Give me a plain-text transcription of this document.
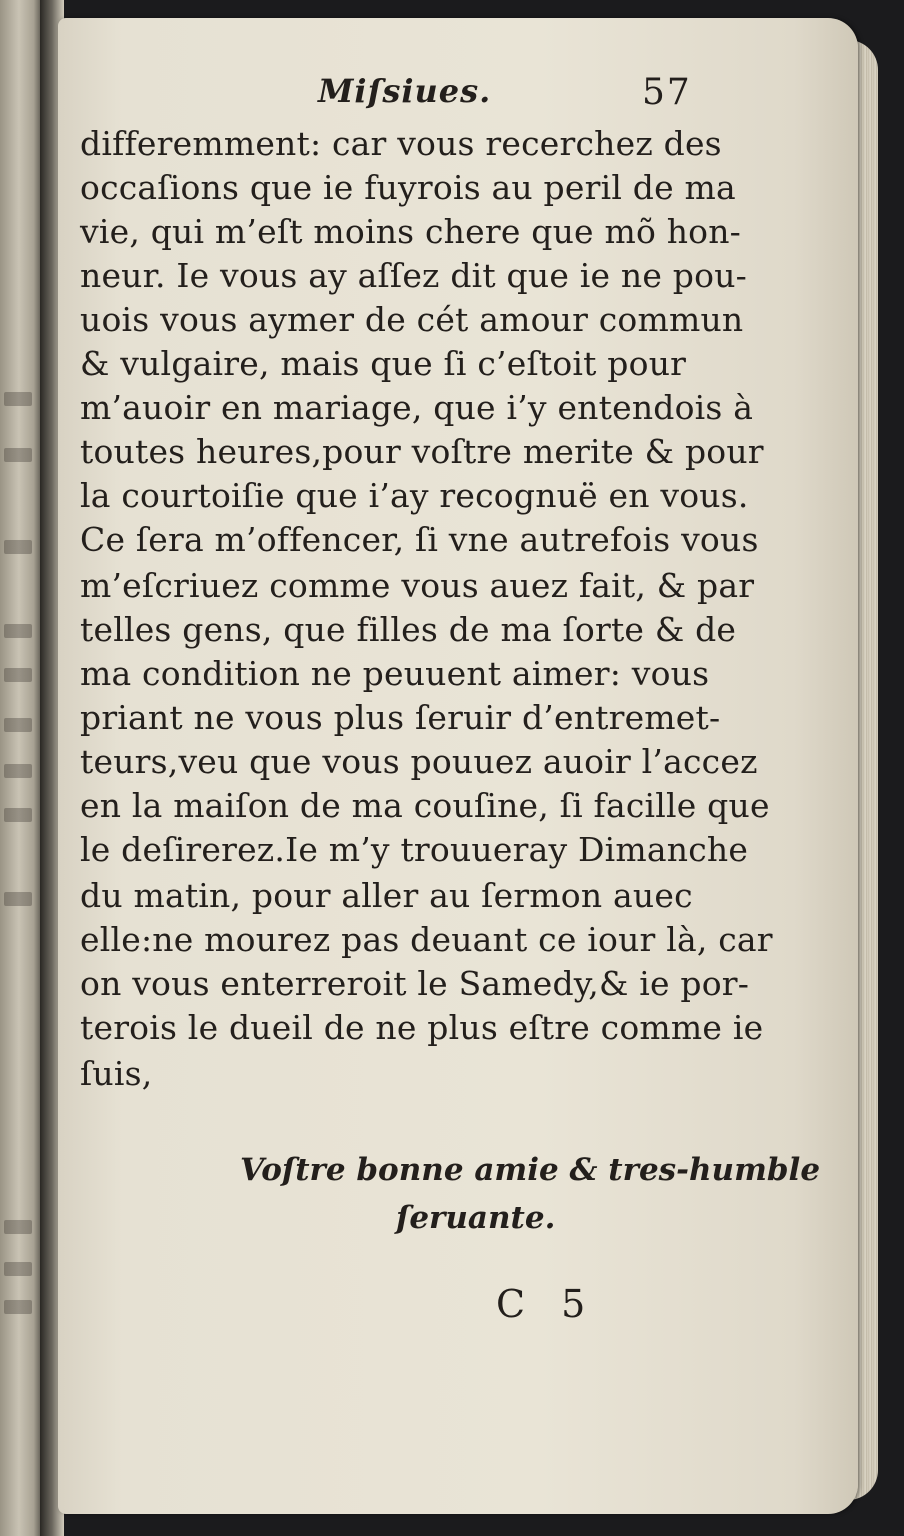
Miſsiues.	57
differemment: car vous recerchez des
occaſions que ie fuyrois au peril de ma
vie, qui m’eſt moins chere que mõ hon-
neur. Ie vous ay aſſez dit que ie ne pou-
uois vous aymer de cét amour commun
& vulgaire, mais que ſi c’eſtoit pour
m’auoir en mariage, que i’y entendois à
toutes heures,pour voſtre merite & pour
la courtoiſie que i’ay recognuë en vous.
Ce ſera m’offencer, ſi vne autrefois vous
m’eſcriuez comme vous auez fait, & par
telles gens, que filles de ma ſorte & de
ma condition ne peuuent aimer: vous
priant ne vous plus ſeruir d’entremet-
teurs,veu que vous pouuez auoir l’accez
en la maiſon de ma couſine, ſi facille que
le deſirerez.Ie m’y trouueray Dimanche
du matin, pour aller au ſermon auec
elle:ne mourez pas deuant ce iour là, car
on vous enterreroit le Samedy,& ie por-
terois le dueil de ne plus eſtre comme ie
ſuis,
Voſtre bonne amie & tres-humble
ſeruante.
C 5
